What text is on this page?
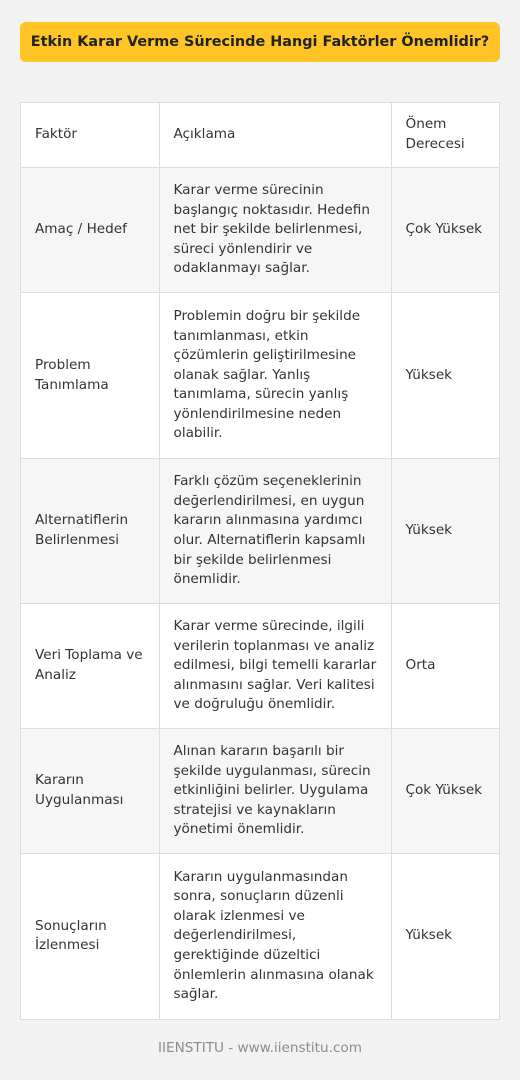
Etkin Karar Verme Sürecinde Hangi Faktörler Önemlidir?
Faktör	Açıklama	Önem Derecesi
Amaç / Hedef	Karar verme sürecinin başlangıç noktasıdır. Hedefin net bir şekilde belirlenmesi, süreci yönlendirir ve odaklanmayı sağlar.	Çok Yüksek
Problem Tanımlama	Problemin doğru bir şekilde tanımlanması, etkin çözümlerin geliştirilmesine olanak sağlar. Yanlış tanımlama, sürecin yanlış yönlendirilmesine neden olabilir.	Yüksek
Alternatiflerin Belirlenmesi	Farklı çözüm seçeneklerinin değerlendirilmesi, en uygun kararın alınmasına yardımcı olur. Alternatiflerin kapsamlı bir şekilde belirlenmesi önemlidir.	Yüksek
Veri Toplama ve Analiz	Karar verme sürecinde, ilgili verilerin toplanması ve analiz edilmesi, bilgi temelli kararlar alınmasını sağlar. Veri kalitesi ve doğruluğu önemlidir.	Orta
Kararın Uygulanması	Alınan kararın başarılı bir şekilde uygulanması, sürecin etkinliğini belirler. Uygulama stratejisi ve kaynakların yönetimi önemlidir.	Çok Yüksek
Sonuçların İzlenmesi	Kararın uygulanmasından sonra, sonuçların düzenli olarak izlenmesi ve değerlendirilmesi, gerektiğinde düzeltici önlemlerin alınmasına olanak sağlar.	Yüksek
IIENSTITU - www.iienstitu.com
